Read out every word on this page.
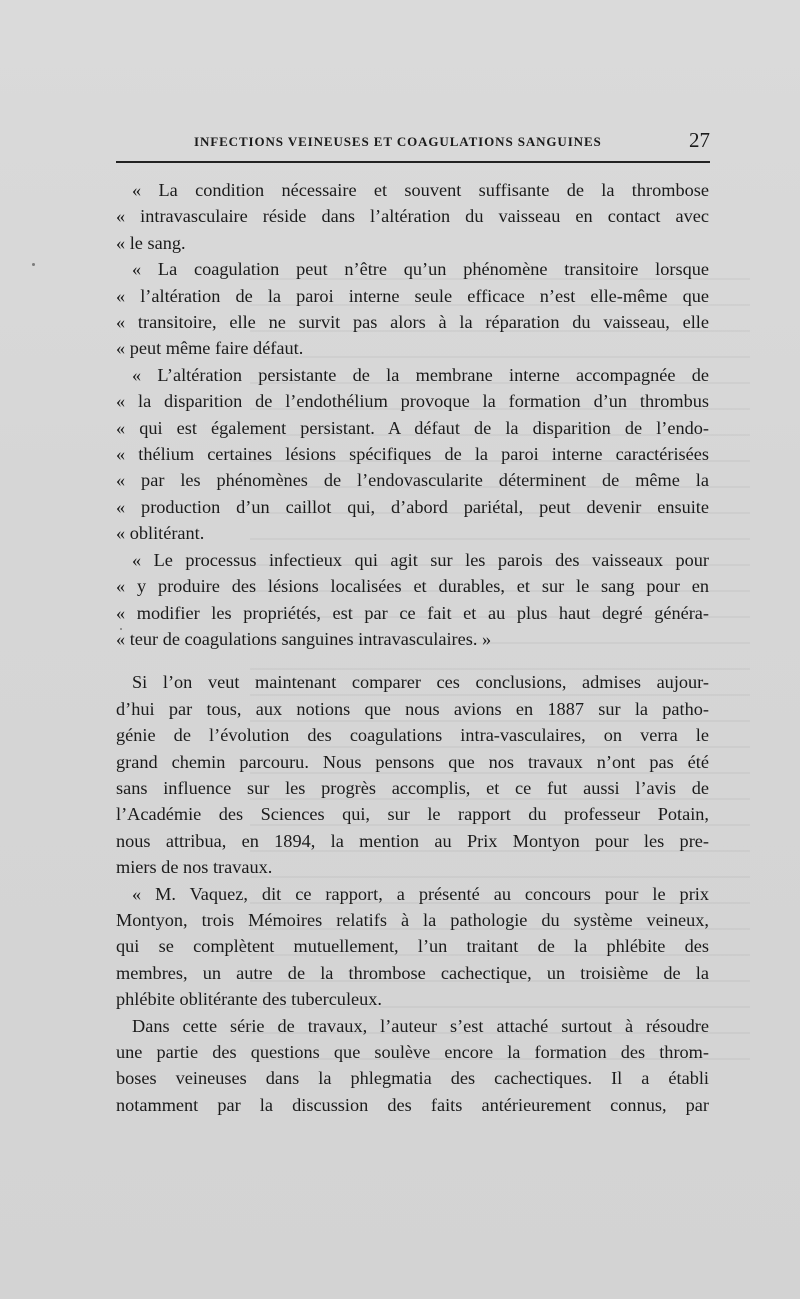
INFECTIONS VEINEUSES ET COAGULATIONS SANGUINES	27
« La condition nécessaire et souvent suffisante de la thrombose
« intravasculaire réside dans l’altération du vaisseau en contact avec
« le sang.
« La coagulation peut n’être qu’un phénomène transitoire lorsque
« l’altération de la paroi interne seule efficace n’est elle-même que
« transitoire, elle ne survit pas alors à la réparation du vaisseau, elle
« peut même faire défaut.
« L’altération persistante de la membrane interne accompagnée de
« la disparition de l’endothélium provoque la formation d’un thrombus
« qui est également persistant. A défaut de la disparition de l’endo-
« thélium certaines lésions spécifiques de la paroi interne caractérisées
« par les phénomènes de l’endovascularite déterminent de même la
« production d’un caillot qui, d’abord pariétal, peut devenir ensuite
« oblitérant.
« Le processus infectieux qui agit sur les parois des vaisseaux pour
« y produire des lésions localisées et durables, et sur le sang pour en
« modifier les propriétés, est par ce fait et au plus haut degré généra-
« teur de coagulations sanguines intravasculaires. »
Si l’on veut maintenant comparer ces conclusions, admises aujour-
d’hui par tous, aux notions que nous avions en 1887 sur la patho-
génie de l’évolution des coagulations intra-vasculaires, on verra le
grand chemin parcouru. Nous pensons que nos travaux n’ont pas été
sans influence sur les progrès accomplis, et ce fut aussi l’avis de
l’Académie des Sciences qui, sur le rapport du professeur Potain,
nous attribua, en 1894, la mention au Prix Montyon pour les pre-
miers de nos travaux.
« M. Vaquez, dit ce rapport, a présenté au concours pour le prix
Montyon, trois Mémoires relatifs à la pathologie du système veineux,
qui se complètent mutuellement, l’un traitant de la phlébite des
membres, un autre de la thrombose cachectique, un troisième de la
phlébite oblitérante des tuberculeux.
Dans cette série de travaux, l’auteur s’est attaché surtout à résoudre
une partie des questions que soulève encore la formation des throm-
boses veineuses dans la phlegmatia des cachectiques. Il a établi
notamment par la discussion des faits antérieurement connus, par
